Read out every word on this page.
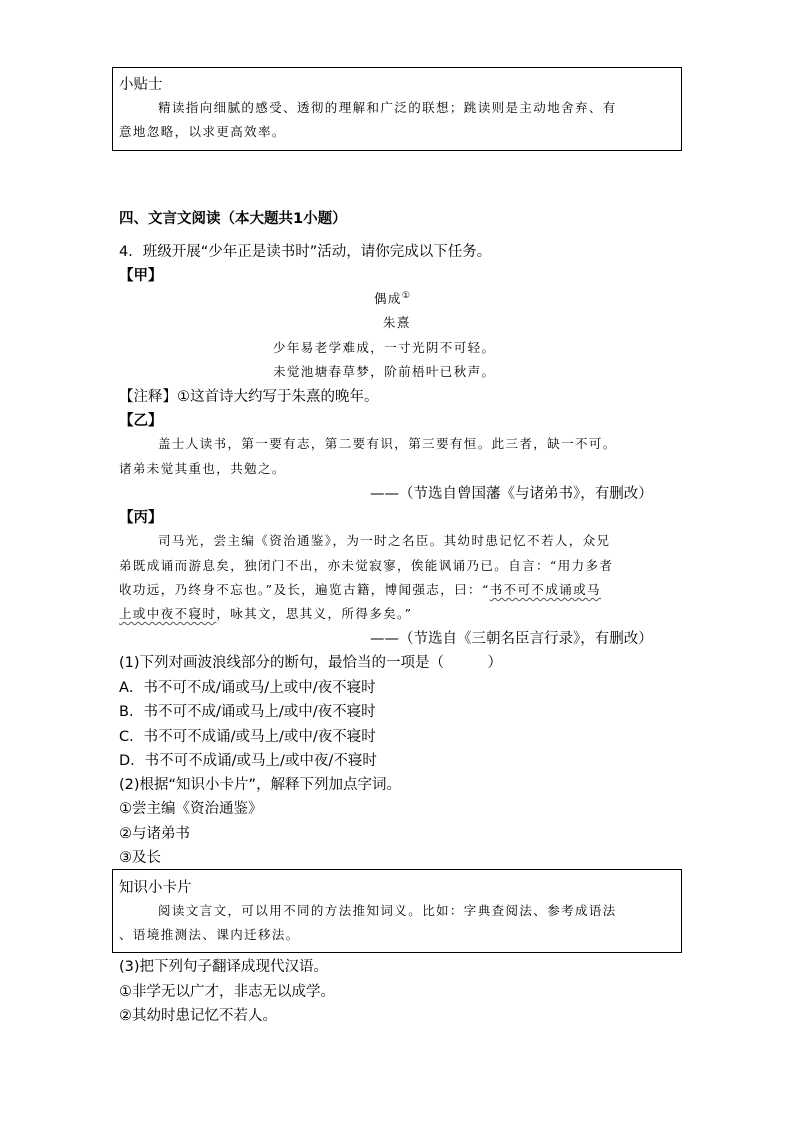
小贴士
精读指向细腻的感受、透彻的理解和广泛的联想；跳读则是主动地舍弃、有
意地忽略，以求更高效率。
四、文言文阅读（本大题共1小题）
4．班级开展“少年正是读书时”活动，请你完成以下任务。
【甲】
偶成①
朱熹
少年易老学难成，一寸光阴不可轻。
未觉池塘春草梦，阶前梧叶已秋声。
【注释】①这首诗大约写于朱熹的晚年。
【乙】
盖士人读书，第一要有志，第二要有识，第三要有恒。此三者，缺一不可。
诸弟未觉其重也，共勉之。
——（节选自曾国藩《与诸弟书》，有删改）
【丙】
司马光，尝主编《资治通鉴》，为一时之名臣。其幼时患记忆不若人，众兄
弟既成诵而游息矣，独闭门不出，亦未觉寂寥，俟能讽诵乃已。自言：“用力多者
收功远，乃终身不忘也。”及长，遍览古籍，博闻强志，曰：“书不可不成诵或马
上或中夜不寝时，咏其文，思其义，所得多矣。”
——（节选自《三朝名臣言行录》，有删改）
(1)下列对画波浪线部分的断句，最恰当的一项是（　　　）
A．书不可不成/诵或马/上或中/夜不寝时
B．书不可不成/诵或马上/或中/夜不寝时
C．书不可不成诵/或马上/或中/夜不寝时
D．书不可不成诵/或马上/或中夜/不寝时
(2)根据“知识小卡片”，解释下列加点字词。
①尝主编《资治通鉴》
②与诸弟书
③及长
知识小卡片
阅读文言文，可以用不同的方法推知词义。比如：字典查阅法、参考成语法
、语境推测法、课内迁移法。
(3)把下列句子翻译成现代汉语。
①非学无以广才，非志无以成学。
②其幼时患记忆不若人。
